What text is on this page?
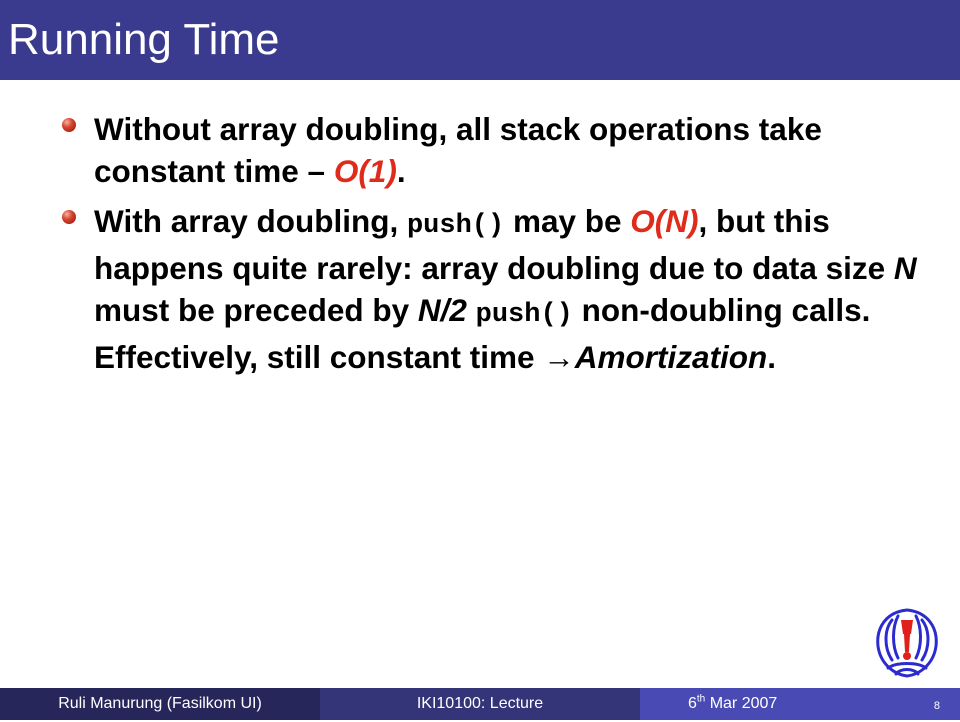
Running Time
Without array doubling, all stack operations take constant time – O(1).
With array doubling, push() may be O(N), but this happens quite rarely: array doubling due to data size N must be preceded by N/2 push() non-doubling calls. Effectively, still constant time →Amortization.
Ruli Manurung (Fasilkom UI)	IKI10100: Lecture	6th Mar 2007	8
